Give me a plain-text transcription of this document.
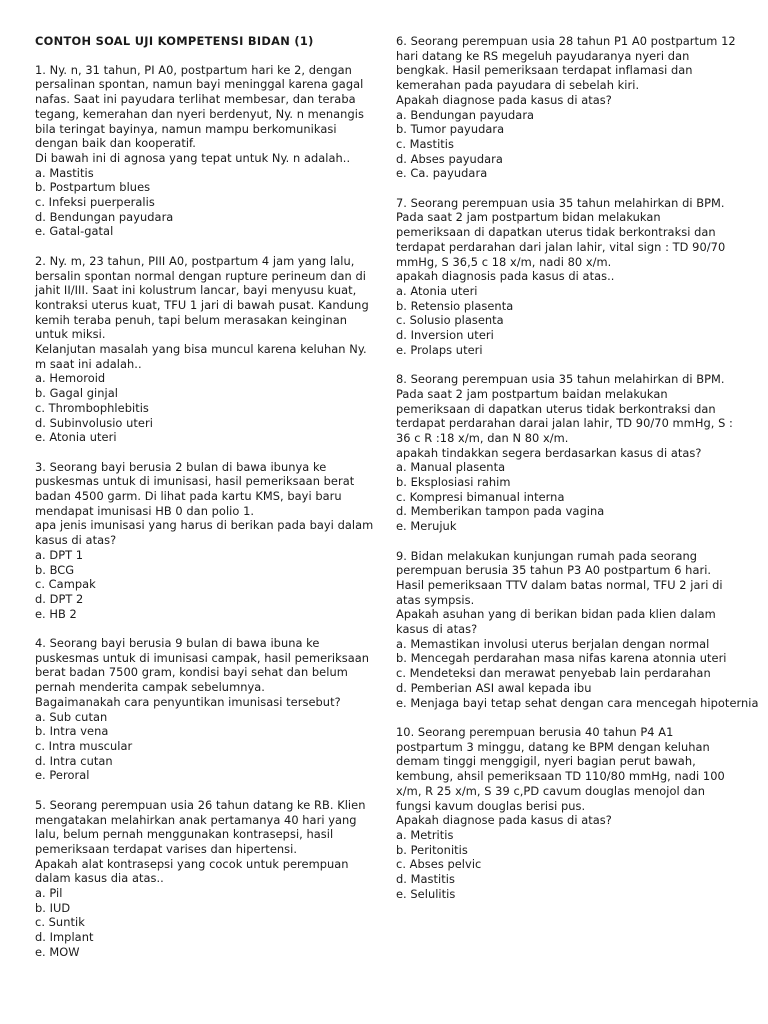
CONTOH SOAL UJI KOMPETENSI BIDAN (1)
1. Ny. n, 31 tahun, PI A0, postpartum hari ke 2, dengan persalinan spontan, namun bayi meninggal karena gagal nafas. Saat ini payudara terlihat membesar, dan teraba tegang, kemerahan dan nyeri berdenyut, Ny. n menangis bila teringat bayinya, namun mampu berkomunikasi dengan baik dan kooperatif.
Di bawah ini di agnosa yang tepat untuk Ny. n adalah..
a. Mastitis
b. Postpartum blues
c. Infeksi puerperalis
d. Bendungan payudara
e. Gatal-gatal
2. Ny. m, 23 tahun, PIII A0, postpartum 4 jam yang lalu, bersalin spontan normal dengan rupture perineum dan di jahit II/III. Saat ini kolustrum lancar, bayi menyusu kuat, kontraksi uterus kuat, TFU 1 jari di bawah pusat. Kandung kemih teraba penuh, tapi belum merasakan keinginan untuk miksi.
Kelanjutan masalah yang bisa muncul karena keluhan Ny. m saat ini adalah..
a. Hemoroid
b. Gagal ginjal
c. Thrombophlebitis
d. Subinvolusio uteri
e. Atonia uteri
3. Seorang bayi berusia 2 bulan di bawa ibunya ke puskesmas untuk di imunisasi, hasil pemeriksaan berat badan 4500 garm. Di lihat pada kartu KMS, bayi baru mendapat imunisasi HB 0 dan polio 1.
apa jenis imunisasi yang harus di berikan pada bayi dalam kasus di atas?
a. DPT 1
b. BCG
c. Campak
d. DPT 2
e. HB 2
4. Seorang bayi berusia 9 bulan di bawa ibuna ke puskesmas untuk di imunisasi campak, hasil pemeriksaan berat badan 7500 gram, kondisi bayi sehat dan belum pernah menderita campak sebelumnya.
Bagaimanakah cara penyuntikan imunisasi tersebut?
a. Sub cutan
b. Intra vena
c. Intra muscular
d. Intra cutan
e. Peroral
5. Seorang perempuan usia 26 tahun datang ke RB. Klien mengatakan melahirkan anak pertamanya 40 hari yang lalu, belum pernah menggunakan kontrasepsi, hasil pemeriksaan terdapat varises dan hipertensi.
Apakah alat kontrasepsi yang cocok untuk perempuan dalam kasus dia atas..
a. Pil
b. IUD
c. Suntik
d. Implant
e. MOW
6. Seorang perempuan usia 28 tahun P1 A0 postpartum 12 hari datang ke RS megeluh payudaranya nyeri dan bengkak. Hasil pemeriksaan terdapat inflamasi dan kemerahan pada payudara di sebelah kiri.
Apakah diagnose pada kasus di atas?
a. Bendungan payudara
b. Tumor payudara
c. Mastitis
d. Abses payudara
e. Ca. payudara
7. Seorang perempuan usia 35 tahun melahirkan di BPM. Pada saat 2 jam postpartum bidan melakukan pemeriksaan di dapatkan uterus tidak berkontraksi dan terdapat perdarahan dari jalan lahir, vital sign : TD 90/70 mmHg, S 36,5 c 18 x/m, nadi 80 x/m.
apakah diagnosis pada kasus di atas..
a. Atonia uteri
b. Retensio plasenta
c. Solusio plasenta
d. Inversion uteri
e. Prolaps uteri
8. Seorang perempuan usia 35 tahun melahirkan di BPM. Pada saat 2 jam postpartum baidan melakukan pemeriksaan di dapatkan uterus tidak berkontraksi dan terdapat perdarahan darai jalan lahir, TD 90/70 mmHg, S : 36 c R :18 x/m, dan N 80 x/m.
apakah tindakkan segera berdasarkan kasus di atas?
a. Manual plasenta
b. Eksplosiasi rahim
c. Kompresi bimanual interna
d. Memberikan tampon pada vagina
e. Merujuk
9. Bidan melakukan kunjungan rumah pada seorang perempuan berusia 35 tahun P3 A0 postpartum 6 hari. Hasil pemeriksaan TTV dalam batas normal, TFU 2 jari di atas sympsis.
Apakah asuhan yang di berikan bidan pada klien dalam kasus di atas?
a. Memastikan involusi uterus berjalan dengan normal
b. Mencegah perdarahan masa nifas karena atonnia uteri
c. Mendeteksi dan merawat penyebab lain perdarahan
d. Pemberian ASI awal kepada ibu
e. Menjaga bayi tetap sehat dengan cara mencegah hipoternia
10. Seorang perempuan berusia 40 tahun P4 A1 postpartum 3 minggu, datang ke BPM dengan keluhan demam tinggi menggigil, nyeri bagian perut bawah, kembung, ahsil pemeriksaan TD 110/80 mmHg, nadi 100 x/m, R 25 x/m, S 39 c,PD cavum douglas menojol dan fungsi kavum douglas berisi pus.
Apakah diagnose pada kasus di atas?
a. Metritis
b. Peritonitis
c. Abses pelvic
d. Mastitis
e. Selulitis
